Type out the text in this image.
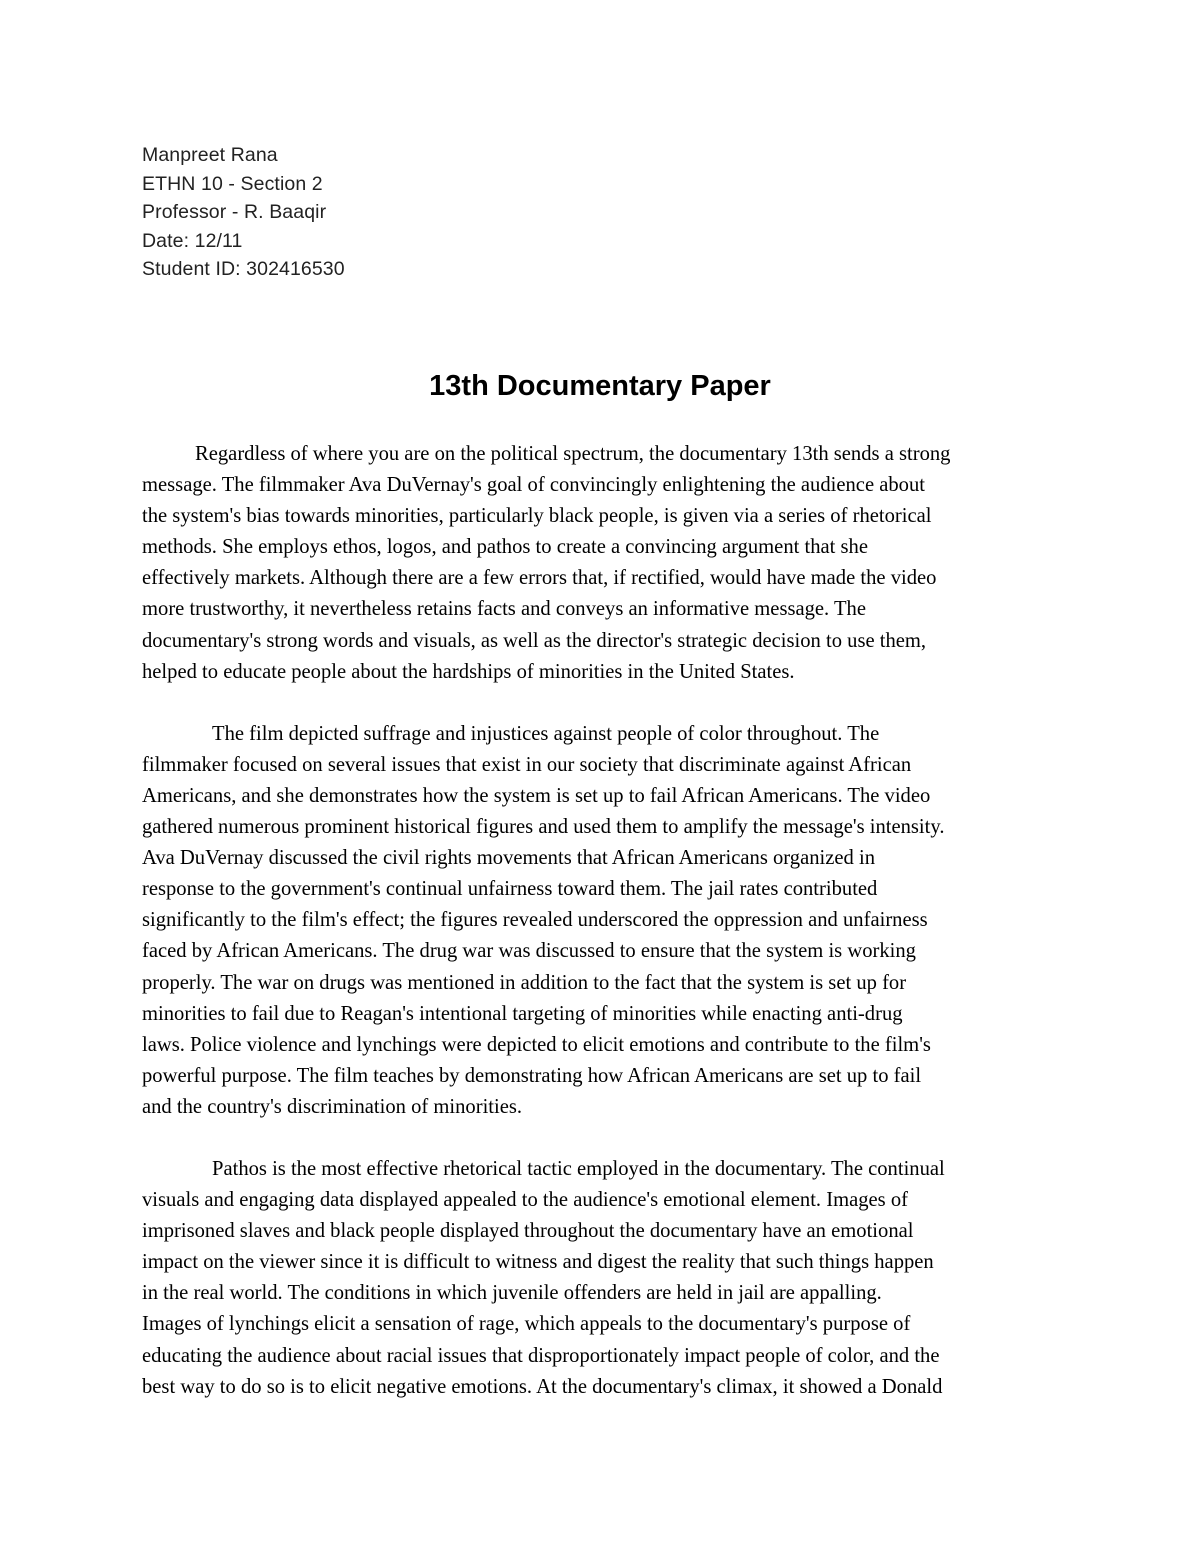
Manpreet Rana
ETHN 10 - Section 2
Professor - R. Baaqir
Date: 12/11
Student ID: 302416530
13th Documentary Paper

Regardless of where you are on the political spectrum, the documentary 13th sends a strong
message. The filmmaker Ava DuVernay's goal of convincingly enlightening the audience about
the system's bias towards minorities, particularly black people, is given via a series of rhetorical
methods. She employs ethos, logos, and pathos to create a convincing argument that she
effectively markets. Although there are a few errors that, if rectified, would have made the video
more trustworthy, it nevertheless retains facts and conveys an informative message. The
documentary's strong words and visuals, as well as the director's strategic decision to use them,
helped to educate people about the hardships of minorities in the United States.

The film depicted suffrage and injustices against people of color throughout. The
filmmaker focused on several issues that exist in our society that discriminate against African
Americans, and she demonstrates how the system is set up to fail African Americans. The video
gathered numerous prominent historical figures and used them to amplify the message's intensity.
Ava DuVernay discussed the civil rights movements that African Americans organized in
response to the government's continual unfairness toward them. The jail rates contributed
significantly to the film's effect; the figures revealed underscored the oppression and unfairness
faced by African Americans. The drug war was discussed to ensure that the system is working
properly. The war on drugs was mentioned in addition to the fact that the system is set up for
minorities to fail due to Reagan's intentional targeting of minorities while enacting anti-drug
laws. Police violence and lynchings were depicted to elicit emotions and contribute to the film's
powerful purpose. The film teaches by demonstrating how African Americans are set up to fail
and the country's discrimination of minorities.

Pathos is the most effective rhetorical tactic employed in the documentary. The continual
visuals and engaging data displayed appealed to the audience's emotional element. Images of
imprisoned slaves and black people displayed throughout the documentary have an emotional
impact on the viewer since it is difficult to witness and digest the reality that such things happen
in the real world. The conditions in which juvenile offenders are held in jail are appalling.
Images of lynchings elicit a sensation of rage, which appeals to the documentary's purpose of
educating the audience about racial issues that disproportionately impact people of color, and the
best way to do so is to elicit negative emotions. At the documentary's climax, it showed a Donald
